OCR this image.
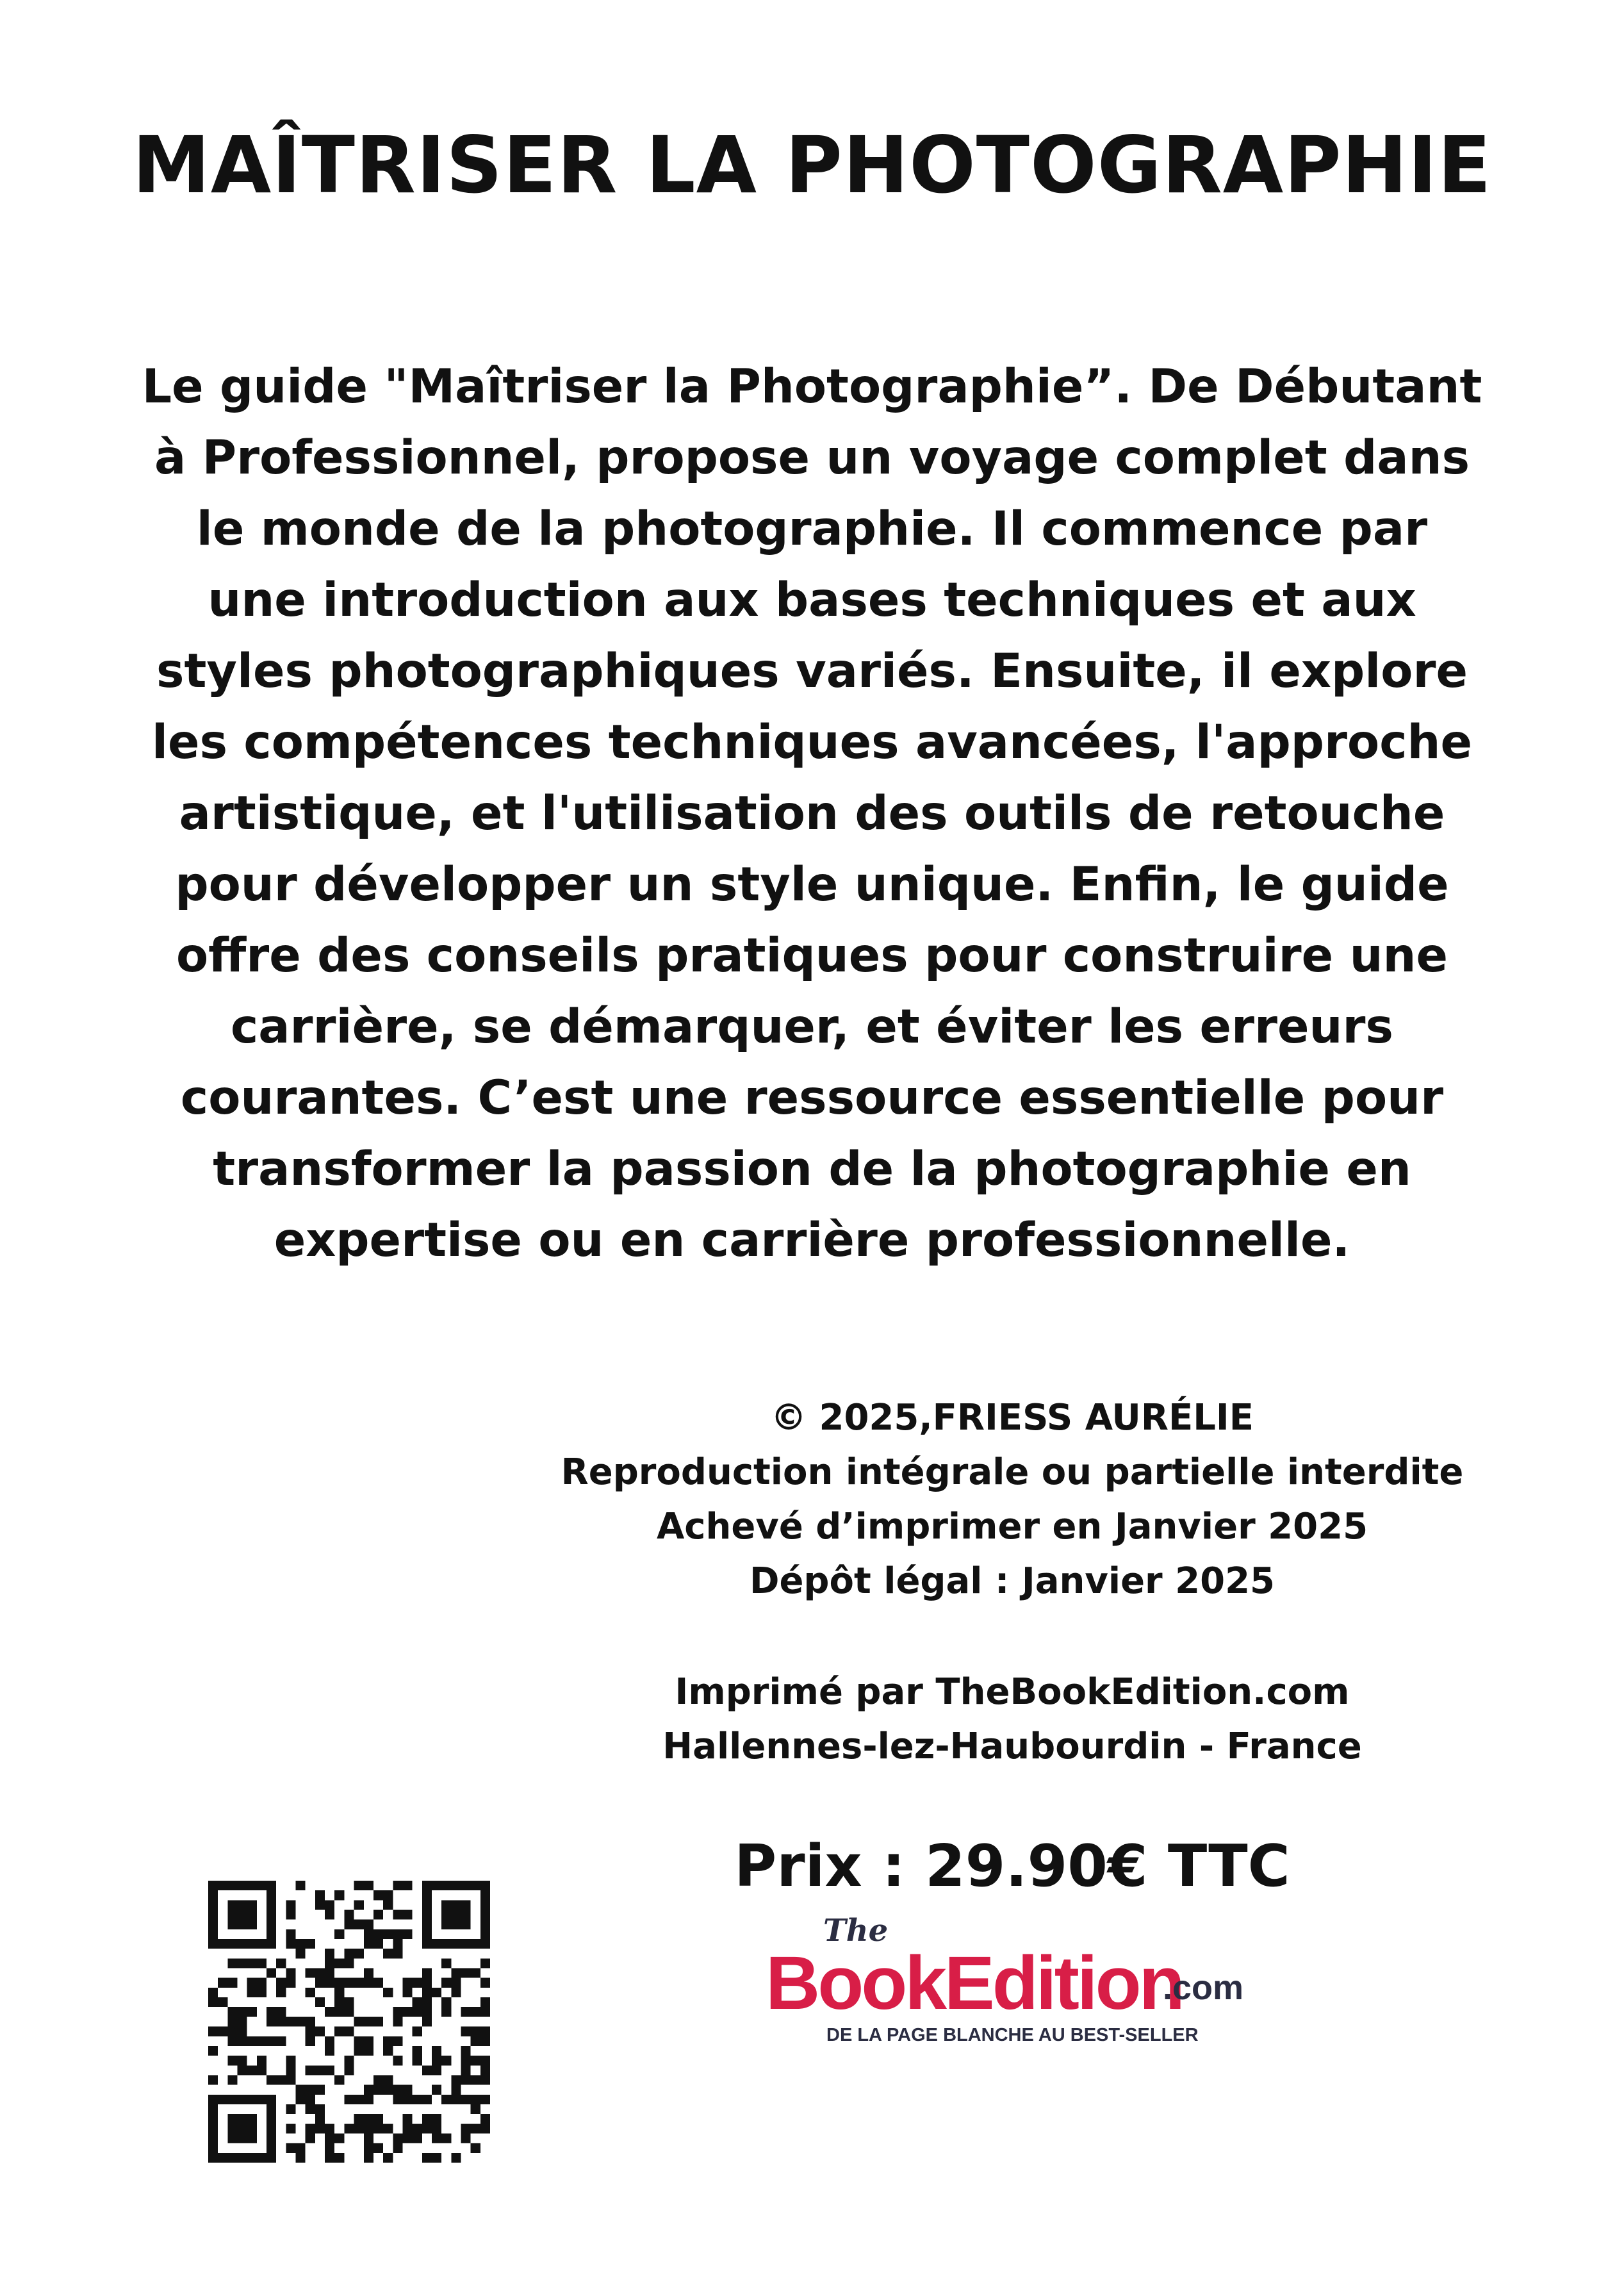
MAÎTRISER LA PHOTOGRAPHIE
Le guide "Maîtriser la Photographie”. De Débutant
à Professionnel, propose un voyage complet dans
le monde de la photographie. Il commence par
une introduction aux bases techniques et aux
styles photographiques variés. Ensuite, il explore
les compétences techniques avancées, l'approche
artistique, et l'utilisation des outils de retouche
pour développer un style unique. Enfin, le guide
offre des conseils pratiques pour construire une
carrière, se démarquer, et éviter les erreurs
courantes. C’est une ressource essentielle pour
transformer la passion de la photographie en
expertise ou en carrière professionnelle.
© 2025,FRIESS AURÉLIE
Reproduction intégrale ou partielle interdite
Achevé d’imprimer en Janvier 2025
Dépôt légal : Janvier 2025
Imprimé par TheBookEdition.com
Hallennes-lez-Haubourdin - France
Prix : 29.90€ TTC
The
BookEdition
.com
DE LA PAGE BLANCHE AU BEST-SELLER
